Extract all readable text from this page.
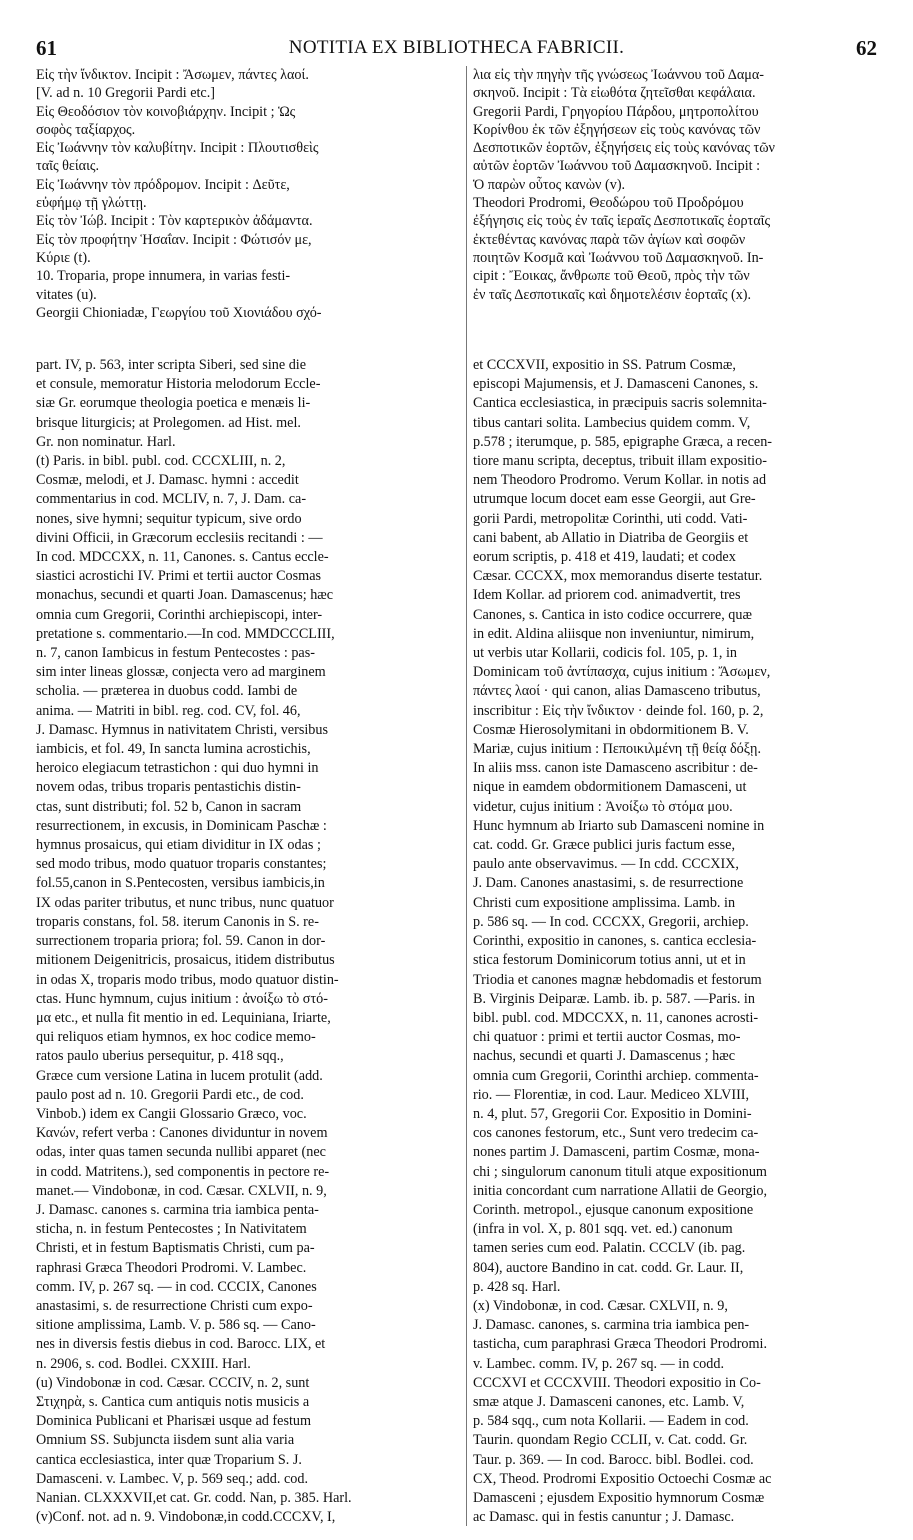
61	NOTITIA EX BIBLIOTHECA FABRICII.	62
Εἰς τὴν ἴνδικτον. Incipit : Ἄσωμεν, πάντες λαοί.
[V. ad n. 10 Gregorii Pardi etc.]
Εἰς Θεοδόσιον τὸν κοινοβιάρχην. Incipit ; Ὡς
σοφὸς ταξίαρχος.
Εἰς Ἰωάννην τὸν καλυβίτην. Incipit : Πλουτισθεὶς
ταῖς θείαις.
Εἰς Ἰωάννην τὸν πρόδρομον. Incipit : Δεῦτε,
εὐφήμῳ τῇ γλώττῃ.
Εἰς τὸν Ἰώβ. Incipit : Τὸν καρτερικὸν ἀδάμαντα.
Εἰς τὸν προφήτην Ἡσαΐαν. Incipit : Φώτισόν με,
Κύριε (t).
10. Troparia, prope innumera, in varias festi-
vitates (u).
Georgii Chioniadæ, Γεωργίου τοῦ Χιονιάδου σχό-
λια εἰς τὴν πηγὴν τῆς γνώσεως Ἰωάννου τοῦ Δαμα-
σκηνοῦ. Incipit : Τὰ εἰωθότα ζητεῖσθαι κεφάλαια.
Gregorii Pardi, Γρηγορίου Πάρδου, μητροπολίτου
Κορίνθου ἐκ τῶν ἐξηγήσεων εἰς τοὺς κανόνας τῶν
Δεσποτικῶν ἑορτῶν, ἐξηγήσεις εἰς τοὺς κανόνας τῶν
αὐτῶν ἑορτῶν Ἰωάννου τοῦ Δαμασκηνοῦ. Incipit :
Ὁ παρὼν οὗτος κανὼν (v).
Theodori Prodromi, Θεοδώρου τοῦ Προδρόμου
ἐξήγησις εἰς τοὺς ἐν ταῖς ἱεραῖς Δεσποτικαῖς ἑορταῖς
ἐκτεθέντας κανόνας παρὰ τῶν ἁγίων καὶ σοφῶν
ποιητῶν Κοσμᾶ καὶ Ἰωάννου τοῦ Δαμασκηνοῦ. In-
cipit : Ἔοικας, ἄνθρωπε τοῦ Θεοῦ, πρὸς τὴν τῶν
ἐν ταῖς Δεσποτικαῖς καὶ δημοτελέσιν ἑορταῖς (x).
part. IV, p. 563, inter scripta Siberi, sed sine die
et consule, memoratur Historia melodorum Eccle-
siæ Gr. eorumque theologia poetica e menæis li-
brisque liturgicis; at Prolegomen. ad Hist. mel.
Gr. non nominatur. Harl.
(t) Paris. in bibl. publ. cod. CCCXLIII, n. 2,
Cosmæ, melodi, et J. Damasc. hymni : accedit
commentarius in cod. MCLIV, n. 7, J. Dam. ca-
nones, sive hymni; sequitur typicum, sive ordo
divini Officii, in Græcorum ecclesiis recitandi : —
In cod. MDCCXX, n. 11, Canones. s. Cantus eccle-
siastici acrostichi IV. Primi et tertii auctor Cosmas
monachus, secundi et quarti Joan. Damascenus; hæc
omnia cum Gregorii, Corinthi archiepiscopi, inter-
pretatione s. commentario.—In cod. MMDCCCLIII,
n. 7, canon Iambicus in festum Pentecostes : pas-
sim inter lineas glossæ, conjecta vero ad marginem
scholia. — præterea in duobus codd. Iambi de
anima. — Matriti in bibl. reg. cod. CV, fol. 46,
J. Damasc. Hymnus in nativitatem Christi, versibus
iambicis, et fol. 49, In sancta lumina acrostichis,
heroico elegiacum tetrastichon : qui duo hymni in
novem odas, tribus troparis pentastichis distin-
ctas, sunt distributi; fol. 52 b, Canon in sacram
resurrectionem, in excusis, in Dominicam Paschæ :
hymnus prosaicus, qui etiam dividitur in IX odas ;
sed modo tribus, modo quatuor troparis constantes;
fol.55,canon in S.Pentecosten, versibus iambicis,in
IX odas pariter tributus, et nunc tribus, nunc quatuor
troparis constans, fol. 58. iterum Canonis in S. re-
surrectionem troparia priora; fol. 59. Canon in dor-
mitionem Deigenitricis, prosaicus, itidem distributus
in odas X, troparis modo tribus, modo quatuor distin-
ctas. Hunc hymnum, cujus initium : ἀνοίξω τὸ στό-
μα etc., et nulla fit mentio in ed. Lequiniana, Iriarte,
qui reliquos etiam hymnos, ex hoc codice memo-
ratos paulo uberius persequitur, p. 418 sqq.,
Græce cum versione Latina in lucem protulit (add.
paulo post ad n. 10. Gregorii Pardi etc., de cod.
Vinbob.) idem ex Cangii Glossario Græco, voc.
Κανών, refert verba : Canones dividuntur in novem
odas, inter quas tamen secunda nullibi apparet (nec
in codd. Matritens.), sed componentis in pectore re-
manet.— Vindobonæ, in cod. Cæsar. CXLVII, n. 9,
J. Damasc. canones s. carmina tria iambica penta-
sticha, n. in festum Pentecostes ; In Nativitatem
Christi, et in festum Baptismatis Christi, cum pa-
raphrasi Græca Theodori Prodromi. V. Lambec.
comm. IV, p. 267 sq. — in cod. CCCIX, Canones
anastasimi, s. de resurrectione Christi cum expo-
sitione amplissima, Lamb. V. p. 586 sq. — Cano-
nes in diversis festis diebus in cod. Barocc. LIX, et
n. 2906, s. cod. Bodlei. CXXIII. Harl.
(u) Vindobonæ in cod. Cæsar. CCCIV, n. 2, sunt
Στιχηρὰ, s. Cantica cum antiquis notis musicis a
Dominica Publicani et Pharisæi usque ad festum
Omnium SS. Subjuncta iisdem sunt alia varia
cantica ecclesiastica, inter quæ Troparium S. J.
Damasceni. v. Lambec. V, p. 569 seq.; add. cod.
Nanian. CLXXXVII,et cat. Gr. codd. Nan, p. 385. Harl.
(v)Conf. not. ad n. 9. Vindobonæ,in codd.CCCXV, I,
et CCCXVII, expositio in SS. Patrum Cosmæ,
episcopi Majumensis, et J. Damasceni Canones, s.
Cantica ecclesiastica, in præcipuis sacris solemnita-
tibus cantari solita. Lambecius quidem comm. V,
p.578 ; iterumque, p. 585, epigraphe Græca, a recen-
tiore manu scripta, deceptus, tribuit illam expositio-
nem Theodoro Prodromo. Verum Kollar. in notis ad
utrumque locum docet eam esse Georgii, aut Gre-
gorii Pardi, metropolitæ Corinthi, uti codd. Vati-
cani babent, ab Allatio in Diatriba de Georgiis et
eorum scriptis, p. 418 et 419, laudati; et codex
Cæsar. CCCXX, mox memorandus diserte testatur.
Idem Kollar. ad priorem cod. animadvertit, tres
Canones, s. Cantica in isto codice occurrere, quæ
in edit. Aldina aliisque non inveniuntur, nimirum,
ut verbis utar Kollarii, codicis fol. 105, p. 1, in
Dominicam τοῦ ἀντίπασχα, cujus initium : Ἄσωμεν,
πάντες λαοί · qui canon, alias Damasceno tributus,
inscribitur : Εἰς τὴν ἴνδικτον · deinde fol. 160, p. 2,
Cosmæ Hierosolymitani in obdormitionem B. V.
Mariæ, cujus initium : Πεποικιλμένη τῇ θείᾳ δόξῃ.
In aliis mss. canon iste Damasceno ascribitur : de-
nique in eamdem obdormitionem Damasceni, ut
videtur, cujus initium : Ἀνοίξω τὸ στόμα μου.
Hunc hymnum ab Iriarto sub Damasceni nomine in
cat. codd. Gr. Græce publici juris factum esse,
paulo ante observavimus. — In cdd. CCCXIX,
J. Dam. Canones anastasimi, s. de resurrectione
Christi cum expositione amplissima. Lamb. in
p. 586 sq. — In cod. CCCXX, Gregorii, archiep.
Corinthi, expositio in canones, s. cantica ecclesia-
stica festorum Dominicorum totius anni, ut et in
Triodia et canones magnæ hebdomadis et festorum
B. Virginis Deiparæ. Lamb. ib. p. 587. —Paris. in
bibl. publ. cod. MDCCXX, n. 11, canones acrosti-
chi quatuor : primi et tertii auctor Cosmas, mo-
nachus, secundi et quarti J. Damascenus ; hæc
omnia cum Gregorii, Corinthi archiep. commenta-
rio. — Florentiæ, in cod. Laur. Mediceo XLVIII,
n. 4, plut. 57, Gregorii Cor. Expositio in Domini-
cos canones festorum, etc., Sunt vero tredecim ca-
nones partim J. Damasceni, partim Cosmæ, mona-
chi ; singulorum canonum tituli atque expositionum
initia concordant cum narratione Allatii de Georgio,
Corinth. metropol., ejusque canonum expositione
(infra in vol. X, p. 801 sqq. vet. ed.) canonum
tamen series cum eod. Palatin. CCCLV (ib. pag.
804), auctore Bandino in cat. codd. Gr. Laur. II,
p. 428 sq. Harl.
(x) Vindobonæ, in cod. Cæsar. CXLVII, n. 9,
J. Damasc. canones, s. carmina tria iambica pen-
tasticha, cum paraphrasi Græca Theodori Prodromi.
v. Lambec. comm. IV, p. 267 sq. — in codd.
CCCXVI et CCCXVIII. Theodori expositio in Co-
smæ atque J. Damasceni canones, etc. Lamb. V,
p. 584 sqq., cum nota Kollarii. — Eadem in cod.
Taurin. quondam Regio CCLII, v. Cat. codd. Gr.
Taur. p. 369. — In cod. Barocc. bibl. Bodlei. cod.
CX, Theod. Prodromi Expositio Octoechi Cosmæ ac
Damasceni ; ejusdem Expositio hymnorum Cosmæ
ac Damasc. qui in festis canuntur ; J. Damasc.
